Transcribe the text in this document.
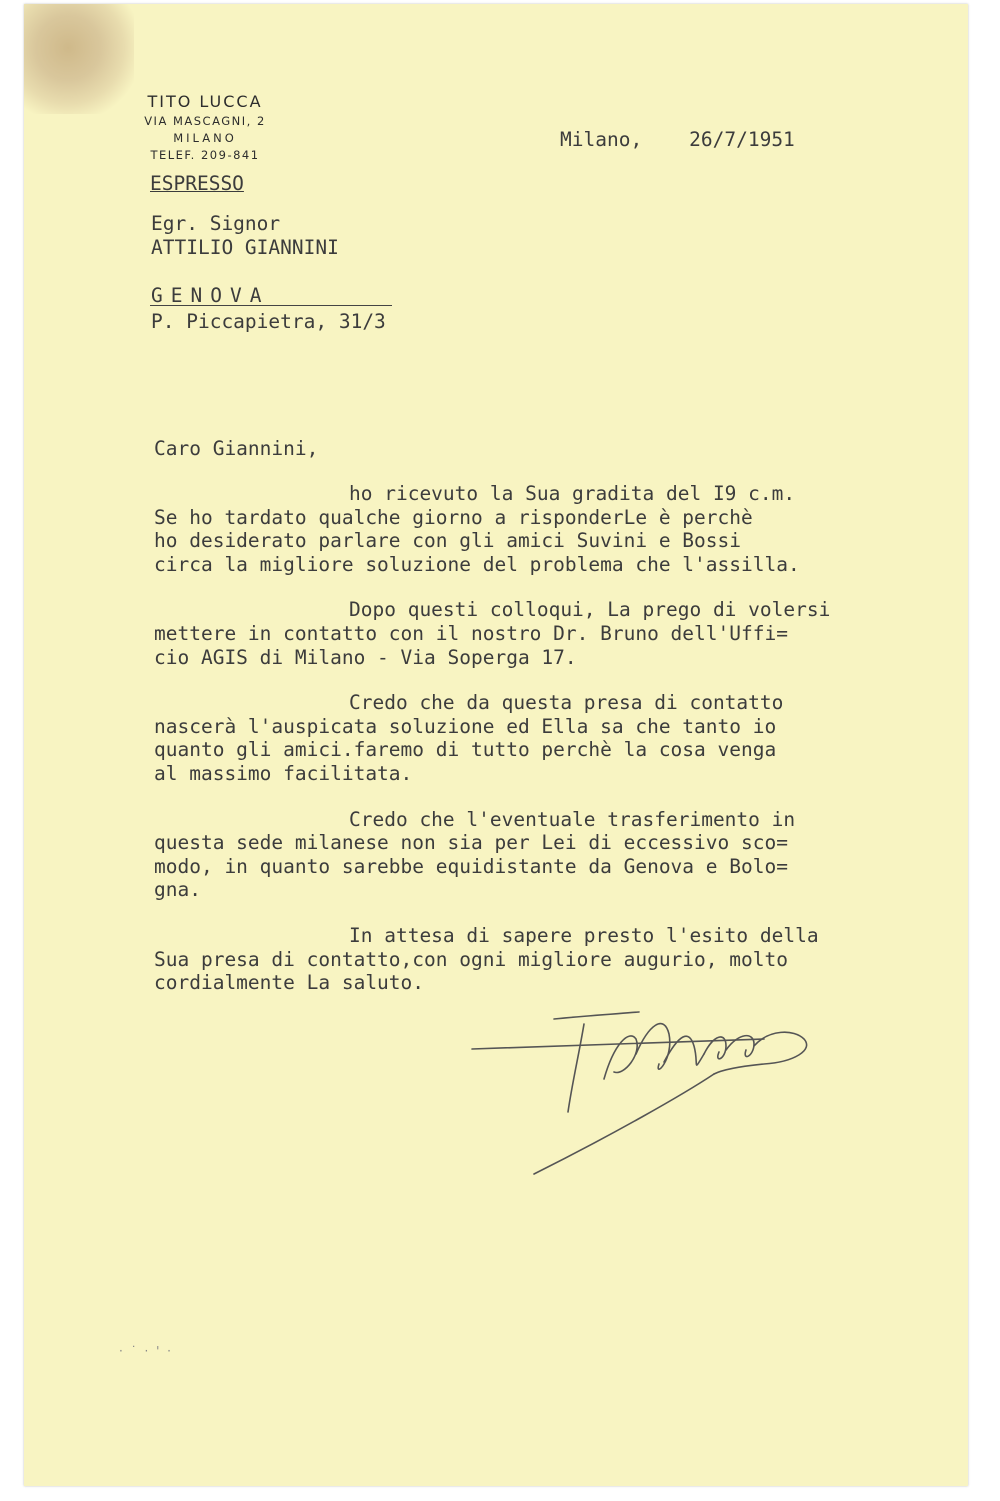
TITO LUCCA
VIA MASCAGNI, 2
MILANO
TELEF. 209-841
Milano,    26/7/1951
ESPRESSO
Egr. Signor
ATTILIO GIANNINI
GENOVA
P. Piccapietra, 31/3
Caro Giannini,
ho ricevuto la Sua gradita del I9 c.m.
Se ho tardato qualche giorno a risponderLe è perchè
ho desiderato parlare con gli amici Suvini e Bossi
circa la migliore soluzione del problema che l'assilla.
Dopo questi colloqui, La prego di volersi
mettere in contatto con il nostro Dr. Bruno dell'Uffi=
cio AGIS di Milano - Via Soperga 17.
Credo che da questa presa di contatto
nascerà l'auspicata soluzione ed Ella sa che tanto io
quanto gli amici.faremo di tutto perchè la cosa venga
al massimo facilitata.
Credo che l'eventuale trasferimento in
questa sede milanese non sia per Lei di eccessivo sco=
modo, in quanto sarebbe equidistante da Genova e Bolo=
gna.
In attesa di sapere presto l'esito della
Sua presa di contatto,con ogni migliore augurio, molto
cordialmente La saluto.
· ˙ · ' ·
